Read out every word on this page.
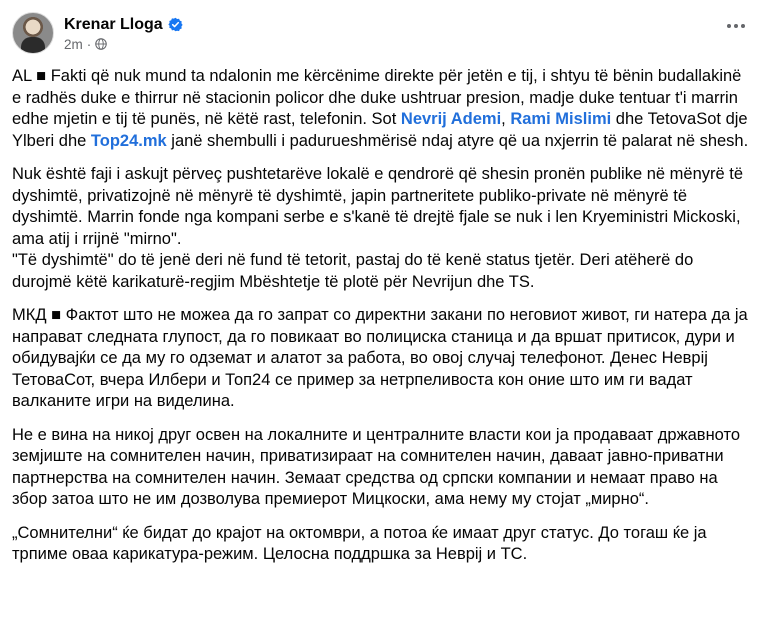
Krenar Lloga
2m ·

AL ■ Fakti që nuk mund ta ndalonin me kërcënime direkte për jetën e tij, i shtyu të bënin budallakinë e radhës duke e thirrur në stacionin policor dhe duke ushtruar presion, madje duke tentuar t'i marrin edhe mjetin e tij të punës, në këtë rast, telefonin. Sot Nevrij Ademi, Rami Mislimi dhe TetovaSot dje Ylberi dhe Top24.mk janë shembulli i padurueshmërisë ndaj atyre që ua nxjerrin të palarat në shesh.

Nuk është faji i askujt përveç pushtetarëve lokalë e qendrorë që shesin pronën publike në mënyrë të dyshimtë, privatizojnë në mënyrë të dyshimtë, japin partneritete publiko-private në mënyrë të dyshimtë. Marrin fonde nga kompani serbe e s'kanë të drejtë fjale se nuk i len Kryeministri Mickoski, ama atij i rrijnë "mirno".
"Të dyshimtë" do të jenë deri në fund të tetorit, pastaj do të kenë status tjetër. Deri atëherë do durojmë këtë karikaturë-regjim Mbështetje të plotë për Nevrijun dhe TS.

МКД ■ Фактот што не можеа да го запрат со директни закани по неговиот живот, ги натера да ја направат следната глупост, да го повикаат во полициска станица и да вршат притисок, дури и обидувајќи се да му го одземат и алатот за работа, во овој случај телефонот. Денес Неврij ТетоваСот, вчера Илбери и Топ24 се пример за нетрпеливоста кон оние што им ги вадат валканите игри на виделина.

Не е вина на никој друг освен на локалните и централните власти кои ја продаваат државното земјиште на сомнителен начин, приватизираат на сомнителен начин, даваат јавно-приватни партнерства на сомнителен начин. Земаат средства од српски компании и немаат право на збор затоа што не им дозволува премиерот Мицкоски, ама нему му стојат „мирно“.

„Сомнителни“ ќе бидат до крајот на октомври, а потоа ќе имаат друг статус. До тогаш ќе ја трпиме оваа карикатура-режим. Целосна поддршка за Неврij и ТС.
